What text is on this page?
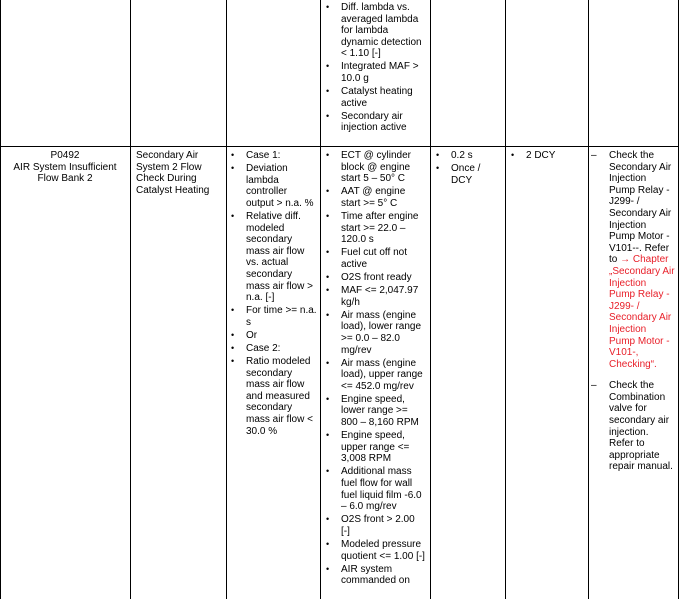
• Diff. lambda vs. averaged lambda for lambda dynamic detection < 1.10 [-]
• Integrated MAF > 10.0 g
• Catalyst heating active
• Secondary air injection active
P0492
AIR System Insufficient Flow Bank 2
Secondary Air System 2 Flow Check During Catalyst Heating
• Case 1:
• Deviation lambda controller output > n.a. %
• Relative diff. modeled secondary mass air flow vs. actual secondary mass air flow > n.a. [-]
• For time >= n.a. s
• Or
• Case 2:
• Ratio modeled secondary mass air flow and measured secondary mass air flow < 30.0 %
• ECT @ cylinder block @ engine start 5 – 50° C
• AAT @ engine start >= 5° C
• Time after engine start >= 22.0 – 120.0 s
• Fuel cut off not active
• O2S front ready
• MAF <= 2,047.97 kg/h
• Air mass (engine load), lower range >= 0.0 – 82.0 mg/rev
• Air mass (engine load), upper range <= 452.0 mg/rev
• Engine speed, lower range >= 800 – 8,160 RPM
• Engine speed, upper range <= 3,008 RPM
• Additional mass fuel flow for wall fuel liquid film -6.0 – 6.0 mg/rev
• O2S front > 2.00 [-]
• Modeled pressure quotient <= 1.00 [-]
• AIR system commanded on
• 0.2 s
• Once / DCY
• 2 DCY
–	Check the Secondary Air Injection Pump Relay -J299- / Secondary Air Injection Pump Motor -V101--. Refer to → Chapter „Secondary Air Injection Pump Relay -J299- / Secondary Air Injection Pump Motor -V101-, Checking“.
– Check the Combination valve for secondary air injection. Refer to appropriate repair manual.
